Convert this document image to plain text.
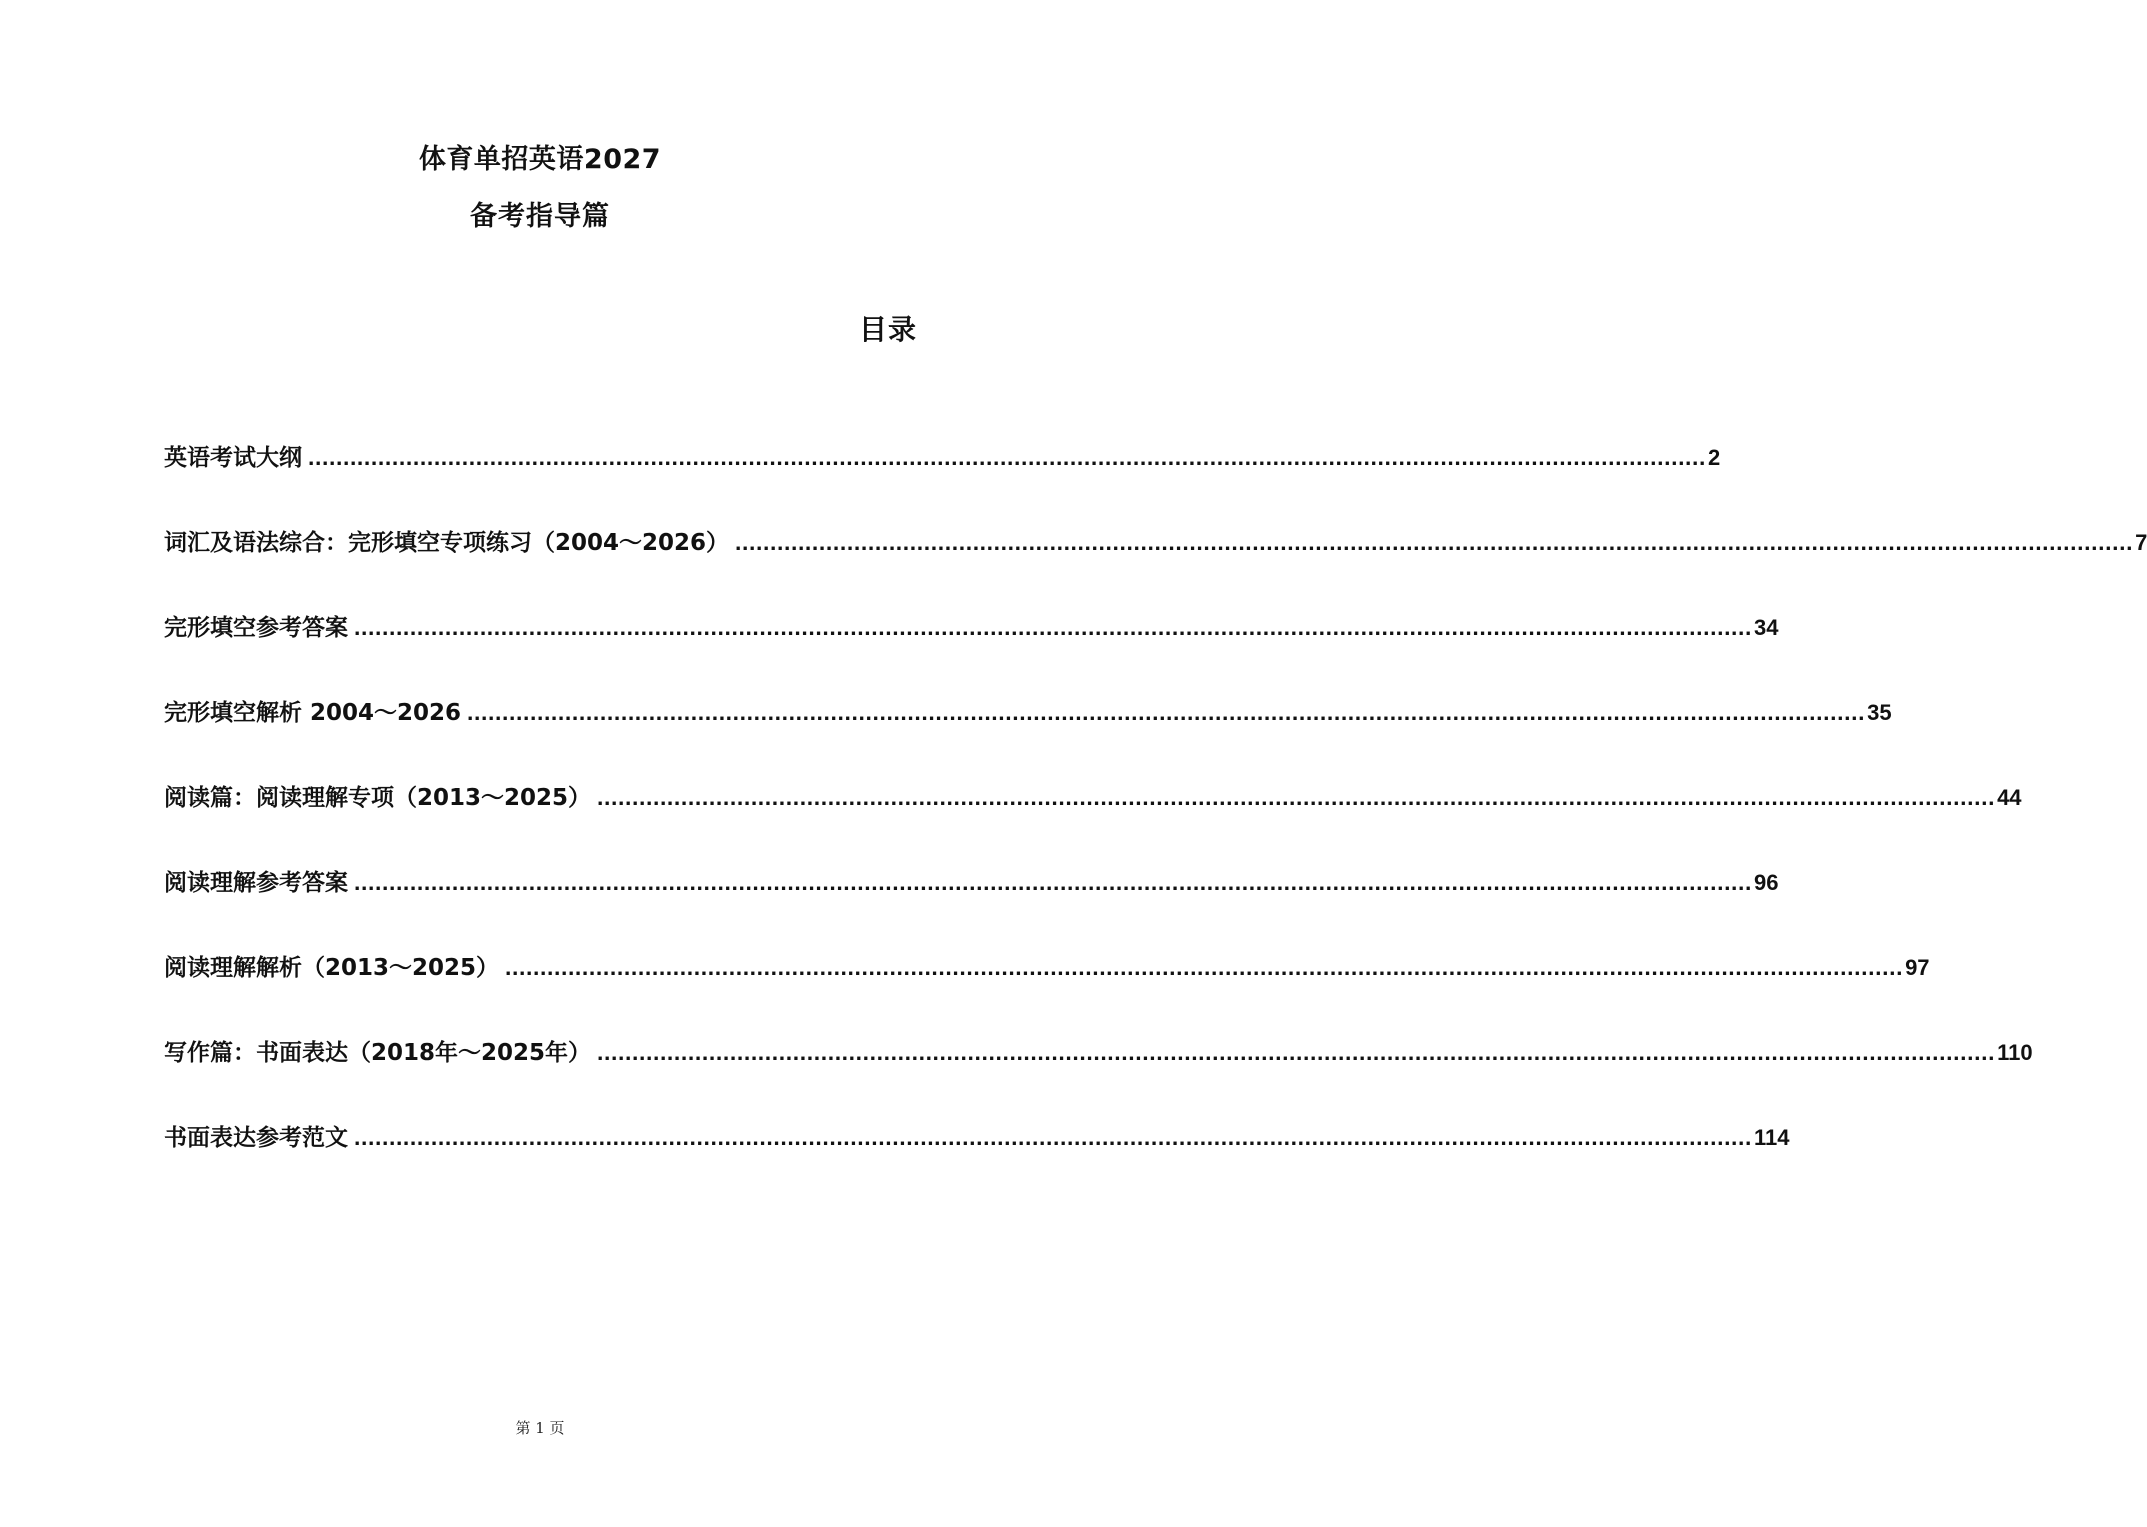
体育单招英语2027
备考指导篇
目录
英语考试大纲 ........................................................................................................................................................................................................ 2
词汇及语法综合：完形填空专项练习（2004～2026） ........................................................................................................................................................................................................ 7
完形填空参考答案 ........................................................................................................................................................................................................ 34
完形填空解析 2004～2026 ........................................................................................................................................................................................................ 35
阅读篇：阅读理解专项（2013～2025） ........................................................................................................................................................................................................ 44
阅读理解参考答案 ........................................................................................................................................................................................................ 96
阅读理解解析（2013～2025） ........................................................................................................................................................................................................ 97
写作篇：书面表达（2018年～2025年） ........................................................................................................................................................................................................ 110
书面表达参考范文 ........................................................................................................................................................................................................ 114
第 1 页
